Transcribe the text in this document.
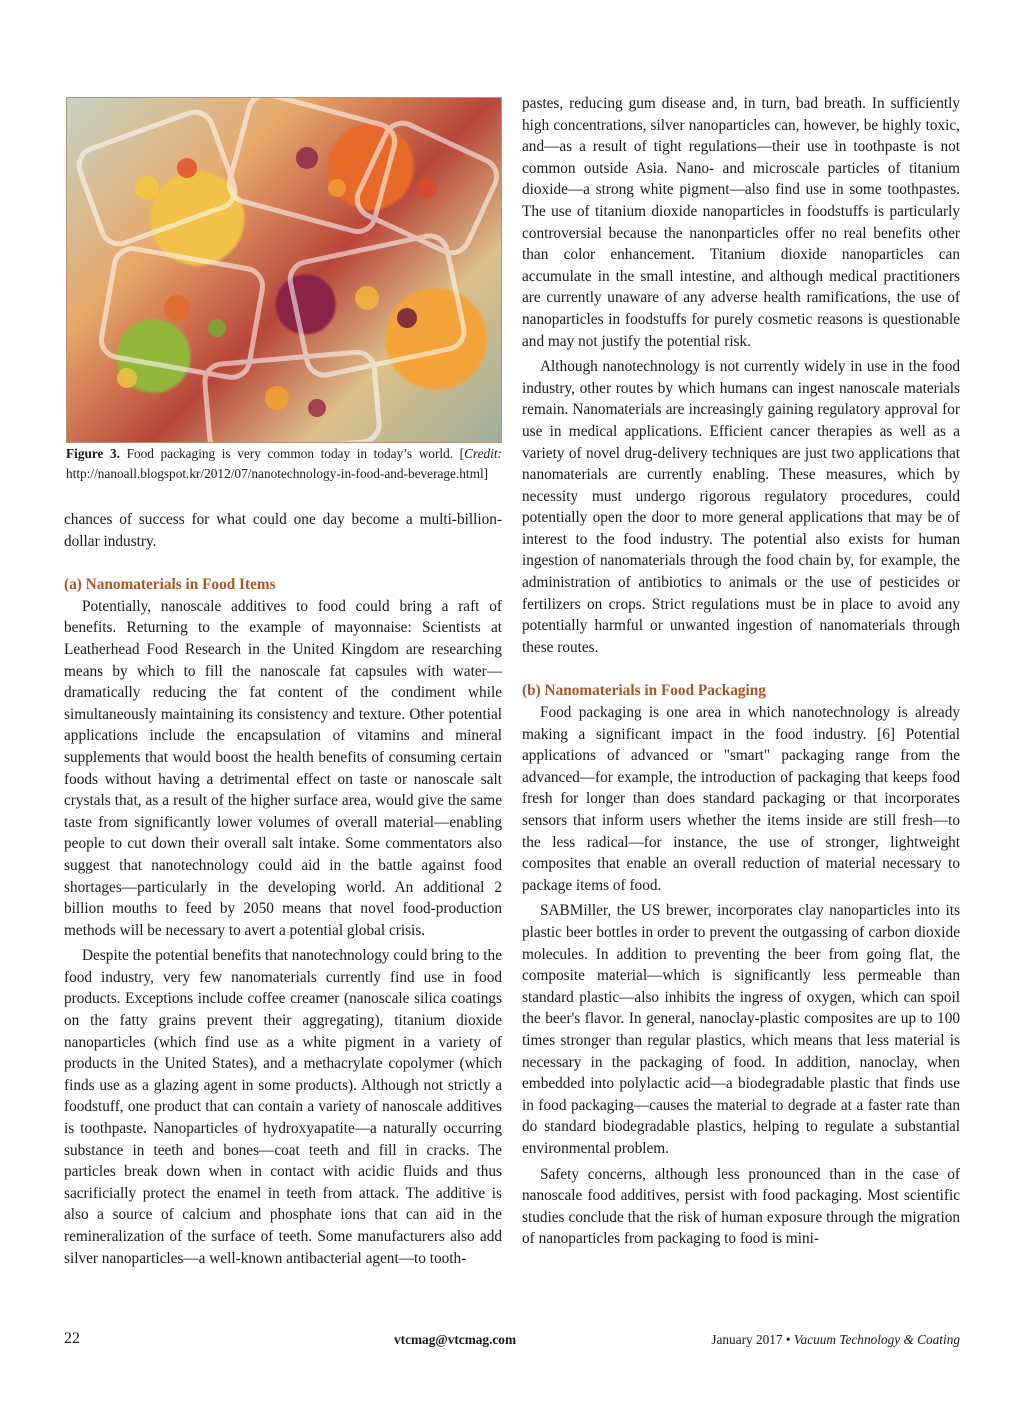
Figure 3. Food packaging is very common today in today’s world. [Credit: http://nanoall.blogspot.kr/2012/07/nanotechnology-in-food-and-beverage.html]

chances of success for what could one day become a multi-billion-dollar industry.

(a) Nanomaterials in Food Items

Potentially, nanoscale additives to food could bring a raft of benefits. Returning to the example of mayonnaise: Scientists at Leatherhead Food Research in the United Kingdom are researching means by which to fill the nanoscale fat capsules with water—dramatically reducing the fat content of the condiment while simultaneously maintaining its consistency and texture. Other potential applications include the encapsulation of vitamins and mineral supplements that would boost the health benefits of consuming certain foods without having a detrimental effect on taste or nanoscale salt crystals that, as a result of the higher surface area, would give the same taste from significantly lower volumes of overall material—enabling people to cut down their overall salt intake. Some commentators also suggest that nanotechnology could aid in the battle against food shortages—particularly in the developing world. An additional 2 billion mouths to feed by 2050 means that novel food-production methods will be necessary to avert a potential global crisis.

Despite the potential benefits that nanotechnology could bring to the food industry, very few nanomaterials currently find use in food products. Exceptions include coffee creamer (nanoscale silica coatings on the fatty grains prevent their aggregating), titanium dioxide nanoparticles (which find use as a white pigment in a variety of products in the United States), and a methacrylate copolymer (which finds use as a glazing agent in some products). Although not strictly a foodstuff, one product that can contain a variety of nanoscale additives is toothpaste. Nanoparticles of hydroxyapatite—a naturally occurring substance in teeth and bones—coat teeth and fill in cracks. The particles break down when in contact with acidic fluids and thus sacrificially protect the enamel in teeth from attack. The additive is also a source of calcium and phosphate ions that can aid in the remineralization of the surface of teeth. Some manufacturers also add silver nanoparticles—a well-known antibacterial agent—to tooth-

pastes, reducing gum disease and, in turn, bad breath. In sufficiently high concentrations, silver nanoparticles can, however, be highly toxic, and—as a result of tight regulations—their use in toothpaste is not common outside Asia. Nano- and microscale particles of titanium dioxide—a strong white pigment—also find use in some toothpastes. The use of titanium dioxide nanoparticles in foodstuffs is particularly controversial because the nanonparticles offer no real benefits other than color enhancement. Titanium dioxide nanoparticles can accumulate in the small intestine, and although medical practitioners are currently unaware of any adverse health ramifications, the use of nanoparticles in foodstuffs for purely cosmetic reasons is questionable and may not justify the potential risk.

Although nanotechnology is not currently widely in use in the food industry, other routes by which humans can ingest nanoscale materials remain. Nanomaterials are increasingly gaining regulatory approval for use in medical applications. Efficient cancer therapies as well as a variety of novel drug-delivery techniques are just two applications that nanomaterials are currently enabling. These measures, which by necessity must undergo rigorous regulatory procedures, could potentially open the door to more general applications that may be of interest to the food industry. The potential also exists for human ingestion of nanomaterials through the food chain by, for example, the administration of antibiotics to animals or the use of pesticides or fertilizers on crops. Strict regulations must be in place to avoid any potentially harmful or unwanted ingestion of nanomaterials through these routes.

(b) Nanomaterials in Food Packaging

Food packaging is one area in which nanotechnology is already making a significant impact in the food industry. [6] Potential applications of advanced or "smart" packaging range from the advanced—for example, the introduction of packaging that keeps food fresh for longer than does standard packaging or that incorporates sensors that inform users whether the items inside are still fresh—to the less radical—for instance, the use of stronger, lightweight composites that enable an overall reduction of material necessary to package items of food.

SABMiller, the US brewer, incorporates clay nanoparticles into its plastic beer bottles in order to prevent the outgassing of carbon dioxide molecules. In addition to preventing the beer from going flat, the composite material—which is significantly less permeable than standard plastic—also inhibits the ingress of oxygen, which can spoil the beer's flavor. In general, nanoclay-plastic composites are up to 100 times stronger than regular plastics, which means that less material is necessary in the packaging of food. In addition, nanoclay, when embedded into polylactic acid—a biodegradable plastic that finds use in food packaging—causes the material to degrade at a faster rate than do standard biodegradable plastics, helping to regulate a substantial environmental problem.

Safety concerns, although less pronounced than in the case of nanoscale food additives, persist with food packaging. Most scientific studies conclude that the risk of human exposure through the migration of nanoparticles from packaging to food is mini-

22	vtcmag@vtcmag.com	January 2017 • Vacuum Technology & Coating
